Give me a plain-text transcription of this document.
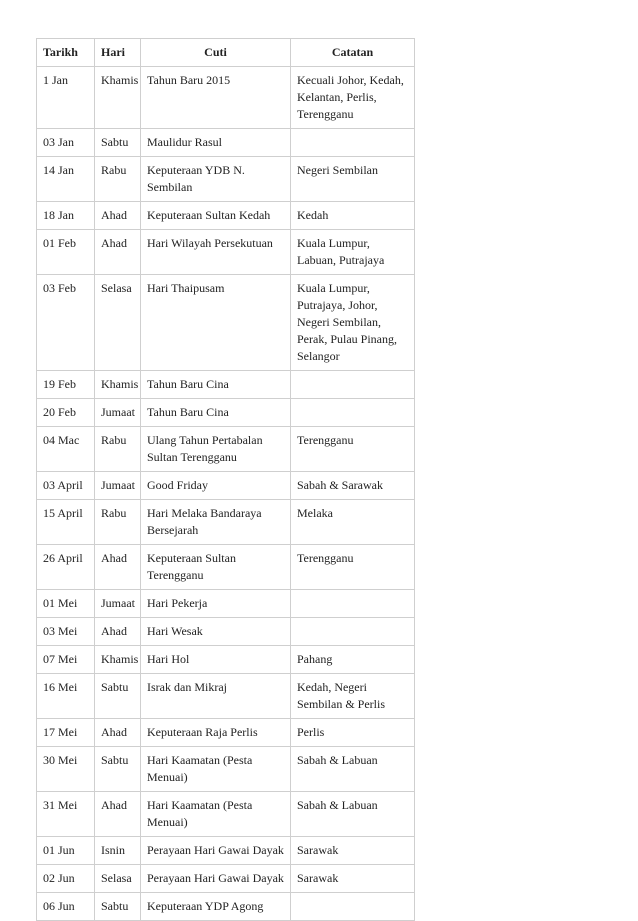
Tarikh	Hari	Cuti	Catatan
1 Jan	Khamis	Tahun Baru 2015	Kecuali Johor, Kedah, Kelantan, Perlis, Terengganu
03 Jan	Sabtu	Maulidur Rasul	
14 Jan	Rabu	Keputeraan YDB N. Sembilan	Negeri Sembilan
18 Jan	Ahad	Keputeraan Sultan Kedah	Kedah
01 Feb	Ahad	Hari Wilayah Persekutuan	Kuala Lumpur, Labuan, Putrajaya
03 Feb	Selasa	Hari Thaipusam	Kuala Lumpur, Putrajaya, Johor, Negeri Sembilan, Perak, Pulau Pinang, Selangor
19 Feb	Khamis	Tahun Baru Cina	
20 Feb	Jumaat	Tahun Baru Cina	
04 Mac	Rabu	Ulang Tahun Pertabalan Sultan Terengganu	Terengganu
03 April	Jumaat	Good Friday	Sabah & Sarawak
15 April	Rabu	Hari Melaka Bandaraya Bersejarah	Melaka
26 April	Ahad	Keputeraan Sultan Terengganu	Terengganu
01 Mei	Jumaat	Hari Pekerja	
03 Mei	Ahad	Hari Wesak	
07 Mei	Khamis	Hari Hol	Pahang
16 Mei	Sabtu	Israk dan Mikraj	Kedah, Negeri Sembilan & Perlis
17 Mei	Ahad	Keputeraan Raja Perlis	Perlis
30 Mei	Sabtu	Hari Kaamatan (Pesta Menuai)	Sabah & Labuan
31 Mei	Ahad	Hari Kaamatan (Pesta Menuai)	Sabah & Labuan
01 Jun	Isnin	Perayaan Hari Gawai Dayak	Sarawak
02 Jun	Selasa	Perayaan Hari Gawai Dayak	Sarawak
06 Jun	Sabtu	Keputeraan YDP Agong	
